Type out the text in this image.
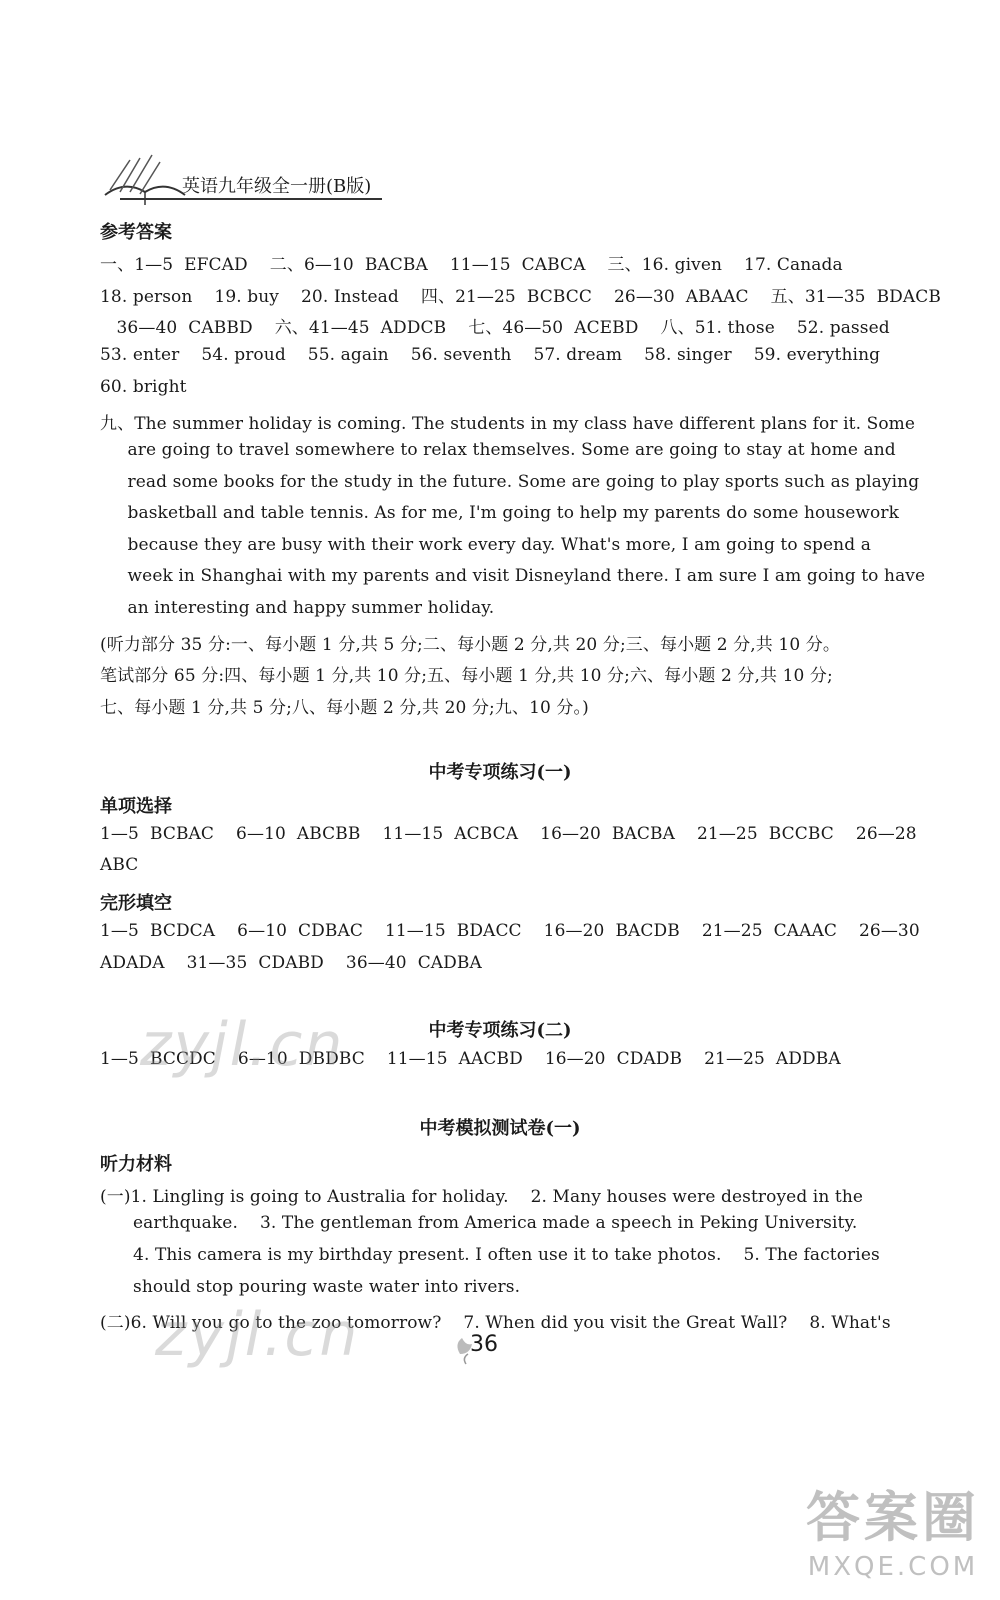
英语九年级全一册(B版)
参考答案
一、1—5  EFCAD    二、6—10  BACBA    11—15  CABCA    三、16. given    17. Canada
18. person    19. buy    20. Instead    四、21—25  BCBCC    26—30  ABAAC    五、31—35  BDACB
36—40  CABBD    六、41—45  ADDCB    七、46—50  ACEBD    八、51. those    52. passed
53. enter    54. proud    55. again    56. seventh    57. dream    58. singer    59. everything
60. bright
九、The summer holiday is coming. The students in my class have different plans for it. Some
are going to travel somewhere to relax themselves. Some are going to stay at home and
read some books for the study in the future. Some are going to play sports such as playing
basketball and table tennis. As for me, I'm going to help my parents do some housework
because they are busy with their work every day. What's more, I am going to spend a
week in Shanghai with my parents and visit Disneyland there. I am sure I am going to have
an interesting and happy summer holiday.
(听力部分 35 分:一、每小题 1 分,共 5 分;二、每小题 2 分,共 20 分;三、每小题 2 分,共 10 分。
笔试部分 65 分:四、每小题 1 分,共 10 分;五、每小题 1 分,共 10 分;六、每小题 2 分,共 10 分;
七、每小题 1 分,共 5 分;八、每小题 2 分,共 20 分;九、10 分。)
中考专项练习(一)
单项选择
1—5  BCBAC    6—10  ABCBB    11—15  ACBCA    16—20  BACBA    21—25  BCCBC    26—28
ABC
完形填空
1—5  BCDCA    6—10  CDBAC    11—15  BDACC    16—20  BACDB    21—25  CAAAC    26—30
ADADA    31—35  CDABD    36—40  CADBA
中考专项练习(二)
1—5  BCCDC    6—10  DBDBC    11—15  AACBD    16—20  CDADB    21—25  ADDBA
中考模拟测试卷(一)
听力材料
(一)1. Lingling is going to Australia for holiday.    2. Many houses were destroyed in the
earthquake.    3. The gentleman from America made a speech in Peking University.
4. This camera is my birthday present. I often use it to take photos.    5. The factories
should stop pouring waste water into rivers.
(二)6. Will you go to the zoo tomorrow?    7. When did you visit the Great Wall?    8. What's
zyjl.cn
zyjl.cn	36
答案圈
MXQE.COM
